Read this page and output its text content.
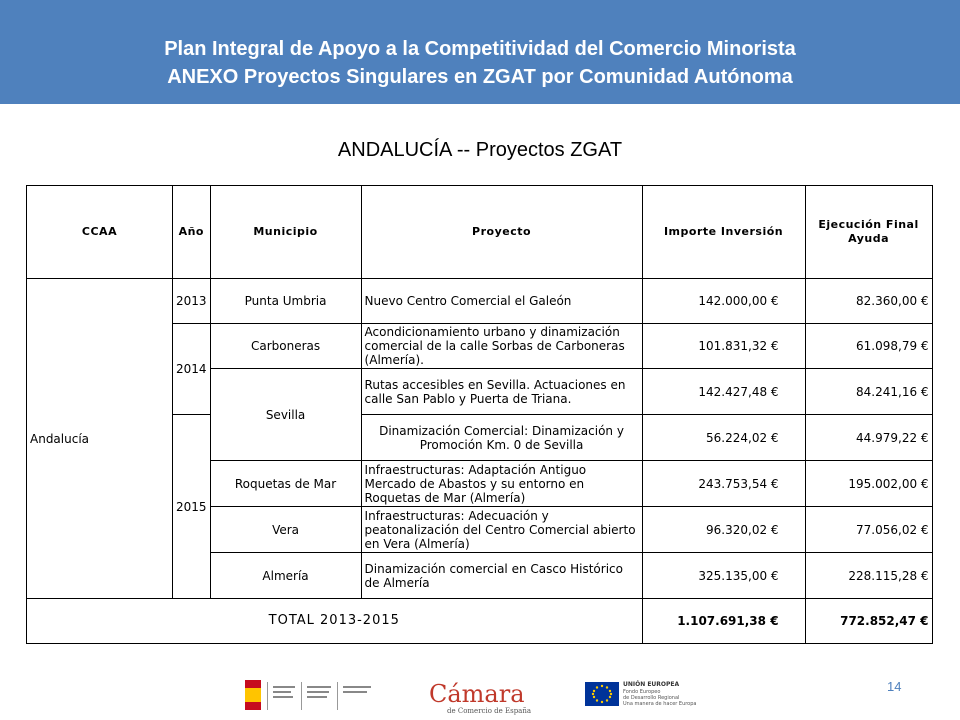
Plan Integral de Apoyo a la Competitividad del Comercio Minorista
ANEXO Proyectos Singulares en ZGAT por Comunidad Autónoma
ANDALUCÍA -- Proyectos ZGAT
CCAA	Año	Municipio	Proyecto	Importe Inversión	Ejecución Final Ayuda
Andalucía	2013	Punta Umbria	Nuevo Centro Comercial el Galeón	142.000,00 €	82.360,00 €
	2014	Carboneras	Acondicionamiento urbano y dinamización comercial de la calle Sorbas de Carboneras (Almería).	101.831,32 €	61.098,79 €
		Sevilla	Rutas accesibles en Sevilla. Actuaciones en calle San Pablo y Puerta de Triana.	142.427,48 €	84.241,16 €
	2015		Dinamización Comercial: Dinamización y Promoción Km. 0 de Sevilla	56.224,02 €	44.979,22 €
		Roquetas de Mar	Infraestructuras: Adaptación Antiguo Mercado de Abastos y su entorno en Roquetas de Mar (Almería)	243.753,54 €	195.002,00 €
		Vera	Infraestructuras: Adecuación y peatonalización del Centro Comercial abierto en Vera (Almería)	96.320,02 €	77.056,02 €
		Almería	Dinamización comercial en Casco Histórico de Almería	325.135,00 €	228.115,28 €
TOTAL 2013-2015				1.107.691,38 €	772.852,47 €
Cámara
de Comercio de España
UNIÓN EUROPEA
Fondo Europeo
de Desarrollo Regional
Una manera de hacer Europa
14
